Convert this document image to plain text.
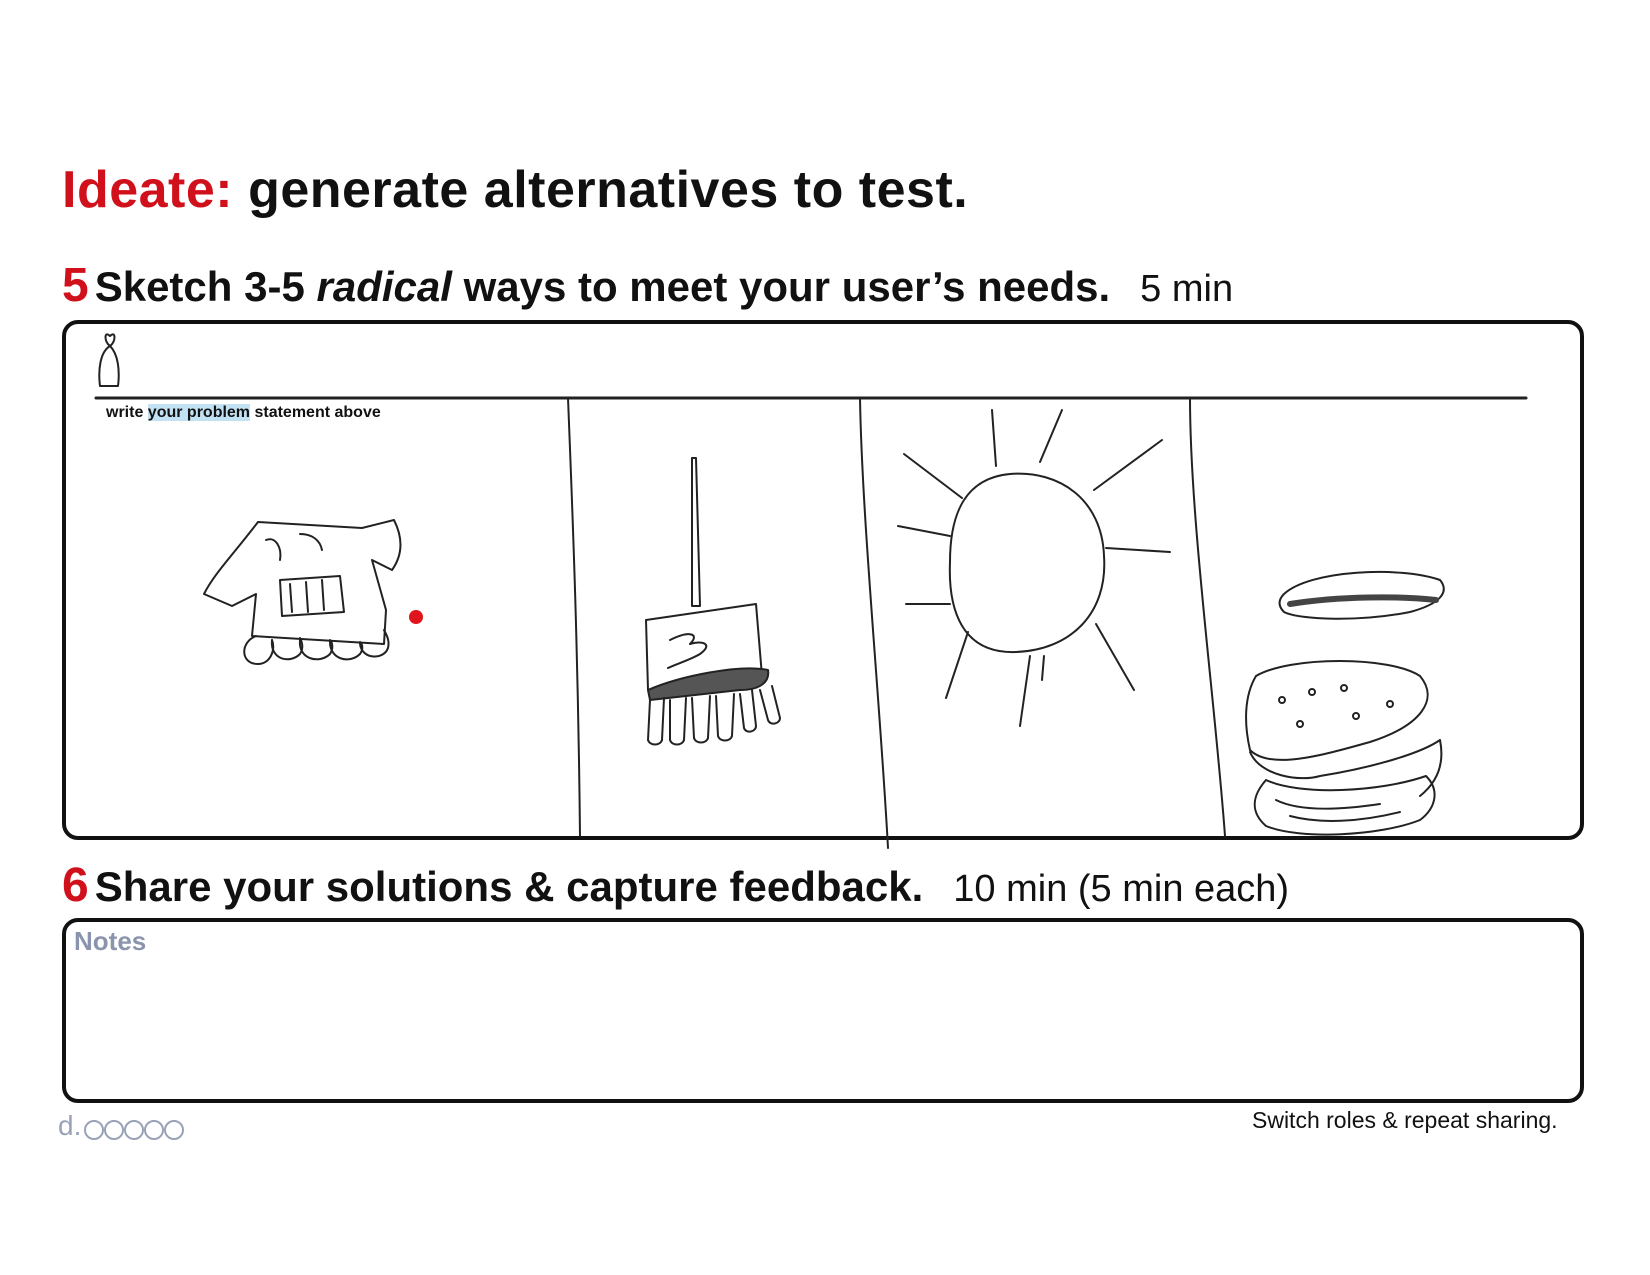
Ideate: generate alternatives to test.
5 Sketch 3-5 radical ways to meet your user’s needs. 5 min
write your problem statement above
6 Share your solutions & capture feedback. 10 min (5 min each)
Notes
d.	Switch roles & repeat sharing.
